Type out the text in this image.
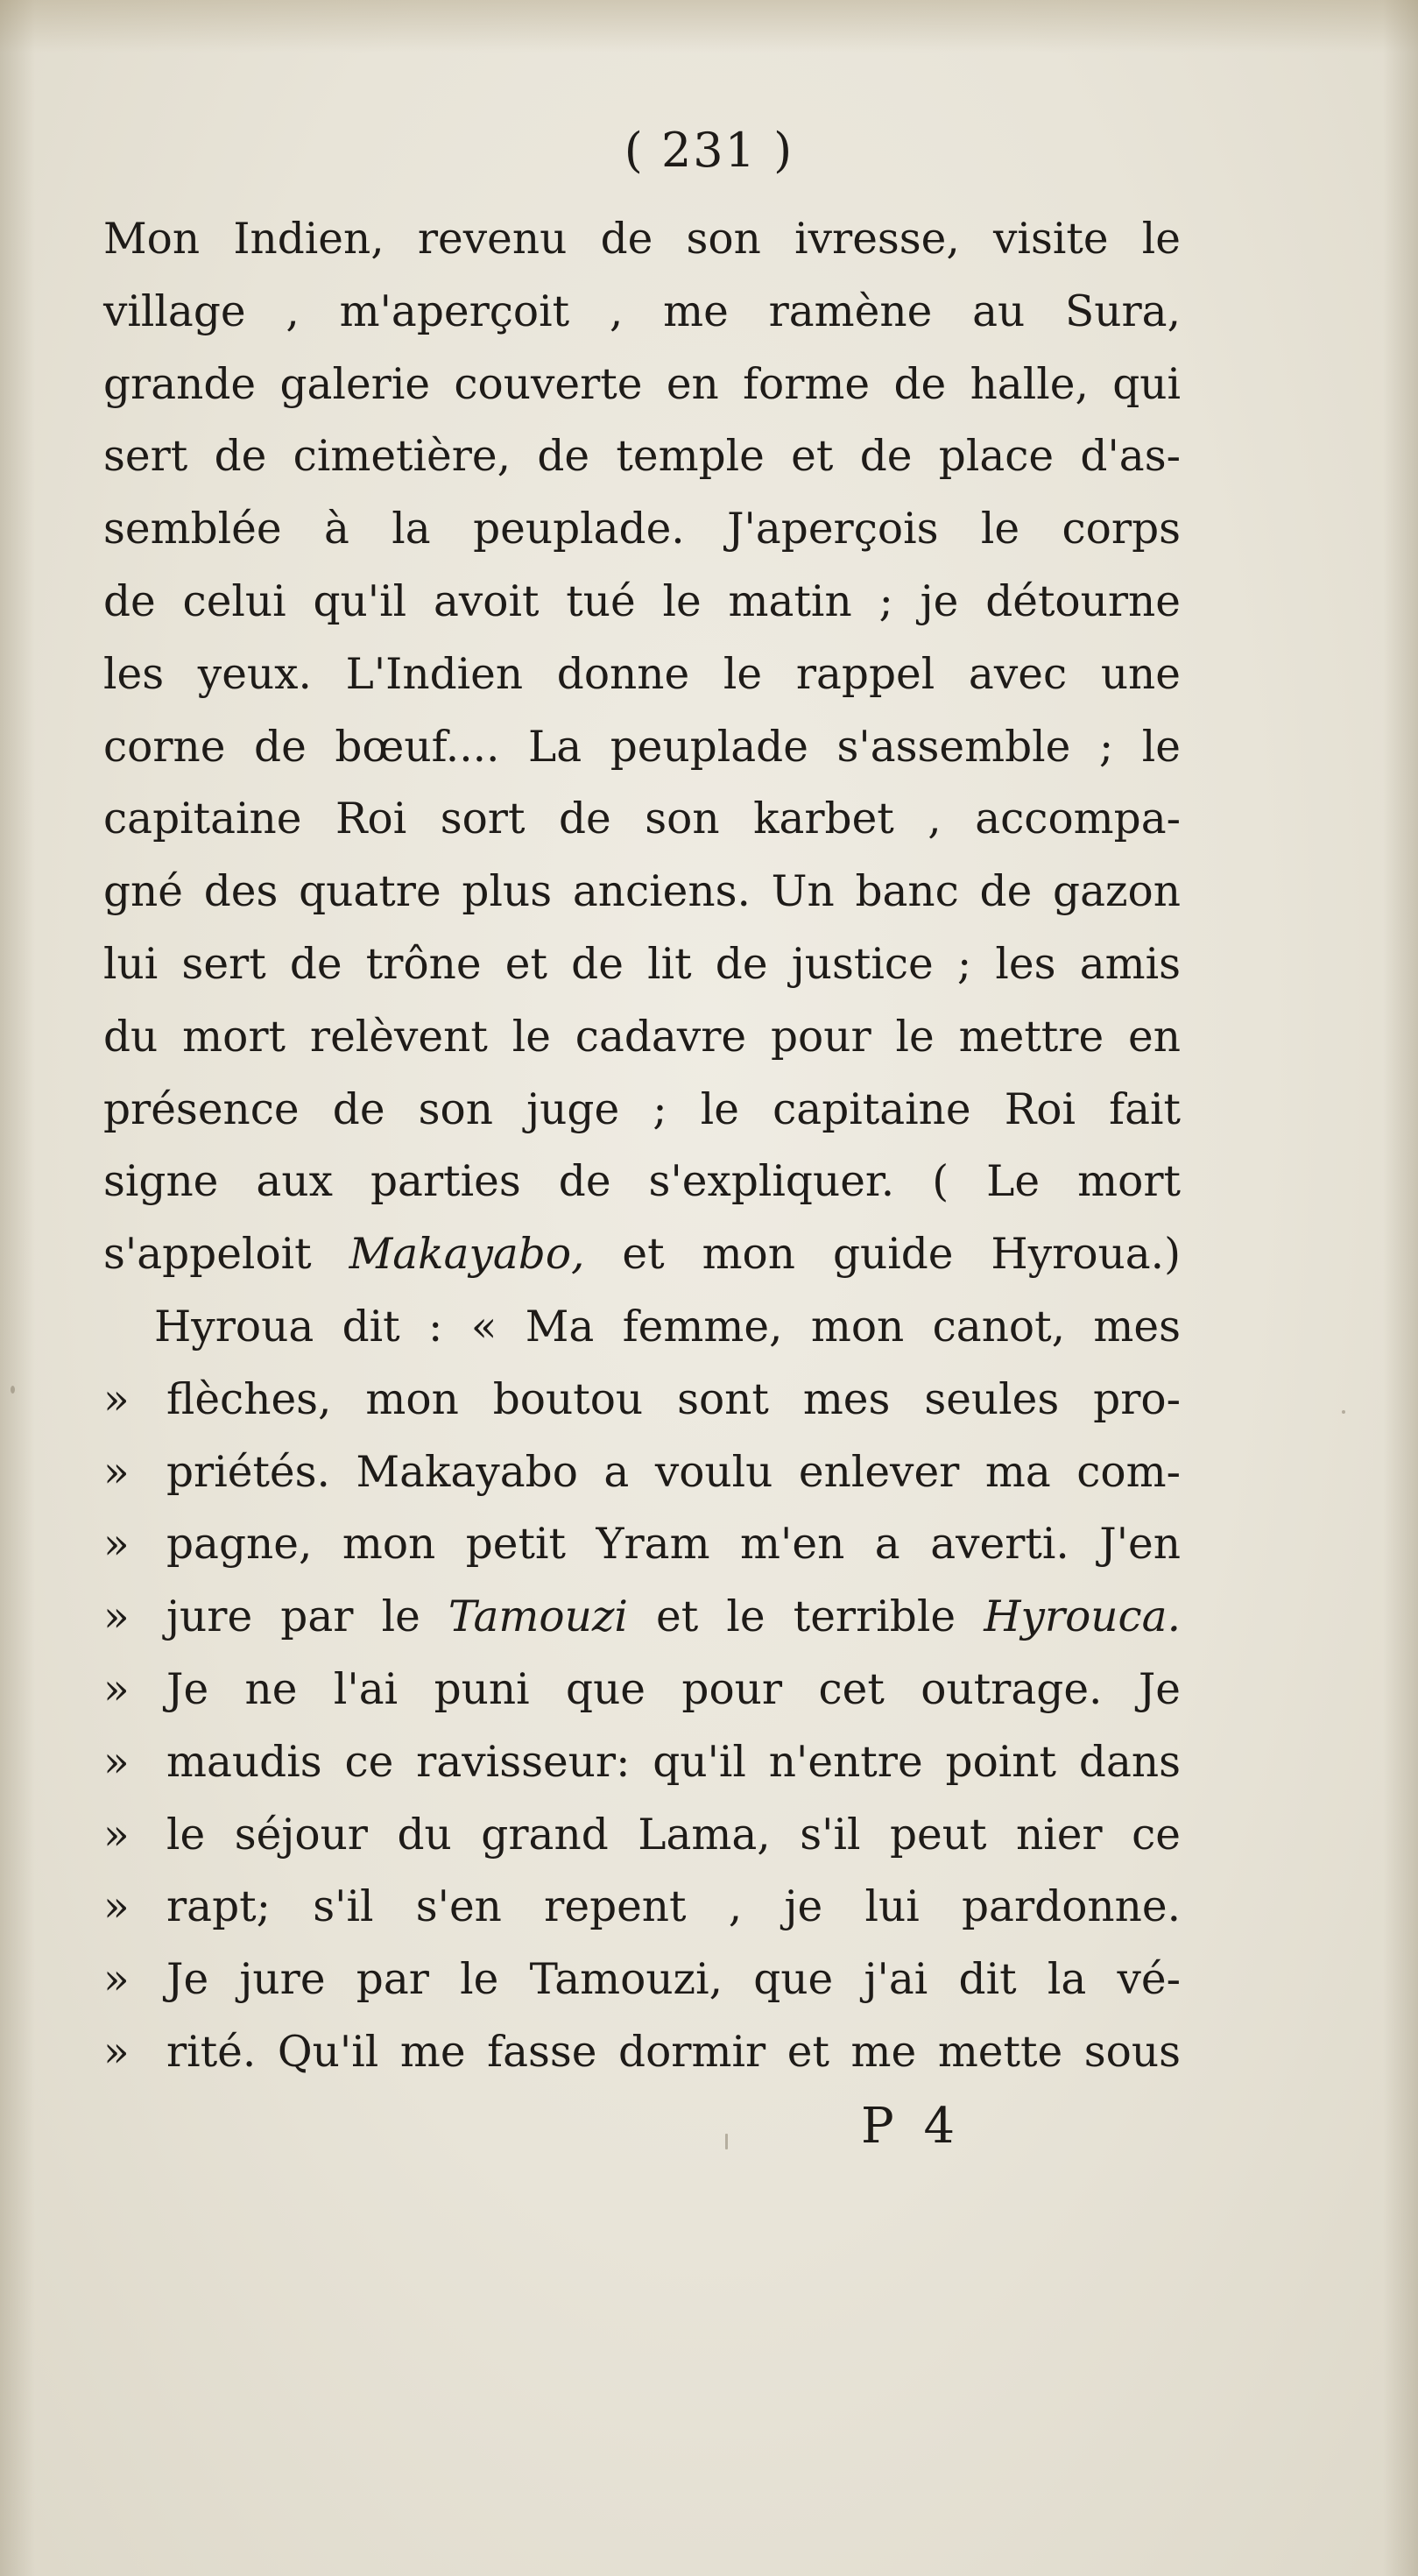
( 231 )
Mon Indien, revenu de son ivresse, visite le
village , m'aperçoit , me ramène au Sura,
grande galerie couverte en forme de halle, qui
sert de cimetière, de temple et de place d'as-
semblée à la peuplade. J'aperçois le corps
de celui qu'il avoit tué le matin ; je détourne
les yeux. L'Indien donne le rappel avec une
corne de bœuf.... La peuplade s'assemble ; le
capitaine Roi sort de son karbet , accompa-
gné des quatre plus anciens. Un banc de gazon
lui sert de trône et de lit de justice ; les amis
du mort relèvent le cadavre pour le mettre en
présence de son juge ; le capitaine Roi fait
signe aux parties de s'expliquer. ( Le mort
s'appeloit Makayabo, et mon guide Hyroua.)
Hyroua dit : « Ma femme, mon canot, mes
» flèches, mon boutou sont mes seules pro-
» priétés. Makayabo a voulu enlever ma com-
» pagne, mon petit Yram m'en a averti. J'en
» jure par le Tamouzi et le terrible Hyrouca.
» Je ne l'ai puni que pour cet outrage. Je
» maudis ce ravisseur: qu'il n'entre point dans
» le séjour du grand Lama, s'il peut nier ce
» rapt; s'il s'en repent , je lui pardonne.
» Je jure par le Tamouzi, que j'ai dit la vé-
» rité. Qu'il me fasse dormir et me mette sous
P 4
